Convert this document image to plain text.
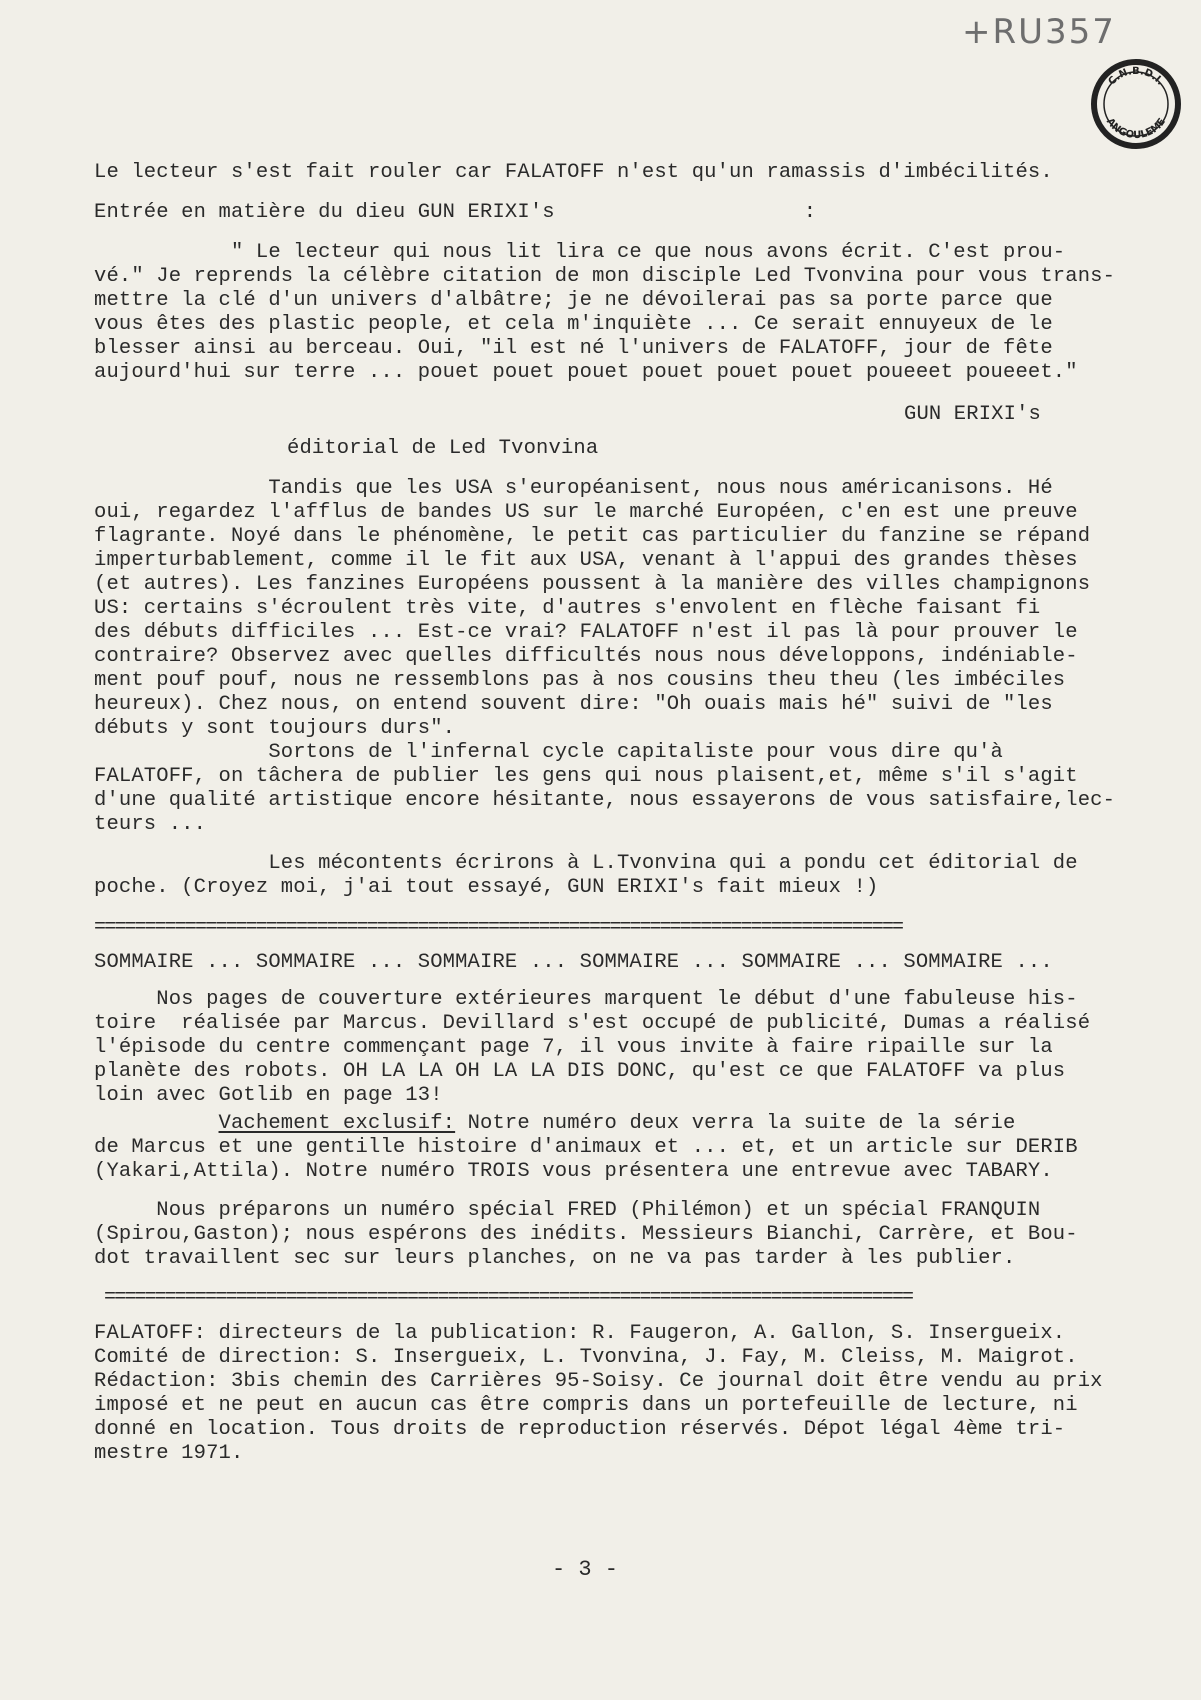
+RU357
C.N.B.D.I.
ANGOULEME
Le lecteur s'est fait rouler car FALATOFF n'est qu'un ramassis d'imbécilités.
Entrée en matière du dieu GUN ERIXI's                    :
" Le lecteur qui nous lit lira ce que nous avons écrit. C'est prou-
vé." Je reprends la célèbre citation de mon disciple Led Tvonvina pour vous trans-
mettre la clé d'un univers d'albâtre; je ne dévoilerai pas sa porte parce que
vous êtes des plastic people, et cela m'inquiète ... Ce serait ennuyeux de le
blesser ainsi au berceau. Oui, "il est né l'univers de FALATOFF, jour de fête
aujourd'hui sur terre ... pouet pouet pouet pouet pouet pouet poueeet poueeet."
GUN ERIXI's
éditorial de Led Tvonvina
Tandis que les USA s'européanisent, nous nous américanisons. Hé
oui, regardez l'afflus de bandes US sur le marché Européen, c'en est une preuve
flagrante. Noyé dans le phénomène, le petit cas particulier du fanzine se répand
imperturbablement, comme il le fit aux USA, venant à l'appui des grandes thèses
(et autres). Les fanzines Européens poussent à la manière des villes champignons
US: certains s'écroulent très vite, d'autres s'envolent en flèche faisant fi
des débuts difficiles ... Est-ce vrai? FALATOFF n'est il pas là pour prouver le
contraire? Observez avec quelles difficultés nous nous développons, indéniable-
ment pouf pouf, nous ne ressemblons pas à nos cousins theu theu (les imbéciles
heureux). Chez nous, on entend souvent dire: "Oh ouais mais hé" suivi de "les
débuts y sont toujours durs".
Sortons de l'infernal cycle capitaliste pour vous dire qu'à
FALATOFF, on tâchera de publier les gens qui nous plaisent,et, même s'il s'agit
d'une qualité artistique encore hésitante, nous essayerons de vous satisfaire,lec-
teurs ...
Les mécontents écrirons à L.Tvonvina qui a pondu cet éditorial de
poche. (Croyez moi, j'ai tout essayé, GUN ERIXI's fait mieux !)
================================================================================
SOMMAIRE ... SOMMAIRE ... SOMMAIRE ... SOMMAIRE ... SOMMAIRE ... SOMMAIRE ...
Nos pages de couverture extérieures marquent le début d'une fabuleuse his-
toire  réalisée par Marcus. Devillard s'est occupé de publicité, Dumas a réalisé
l'épisode du centre commençant page 7, il vous invite à faire ripaille sur la
planète des robots. OH LA LA OH LA LA DIS DONC, qu'est ce que FALATOFF va plus
loin avec Gotlib en page 13!
Vachement exclusif: Notre numéro deux verra la suite de la série
de Marcus et une gentille histoire d'animaux et ... et, et un article sur DERIB
(Yakari,Attila). Notre numéro TROIS vous présentera une entrevue avec TABARY.
Nous préparons un numéro spécial FRED (Philémon) et un spécial FRANQUIN
(Spirou,Gaston); nous espérons des inédits. Messieurs Bianchi, Carrère, et Bou-
dot travaillent sec sur leurs planches, on ne va pas tarder à les publier.
================================================================================
FALATOFF: directeurs de la publication: R. Faugeron, A. Gallon, S. Insergueix.
Comité de direction: S. Insergueix, L. Tvonvina, J. Fay, M. Cleiss, M. Maigrot.
Rédaction: 3bis chemin des Carrières 95-Soisy. Ce journal doit être vendu au prix
imposé et ne peut en aucun cas être compris dans un portefeuille de lecture, ni
donné en location. Tous droits de reproduction réservés. Dépot légal 4ème tri-
mestre 1971.
- 3 -
